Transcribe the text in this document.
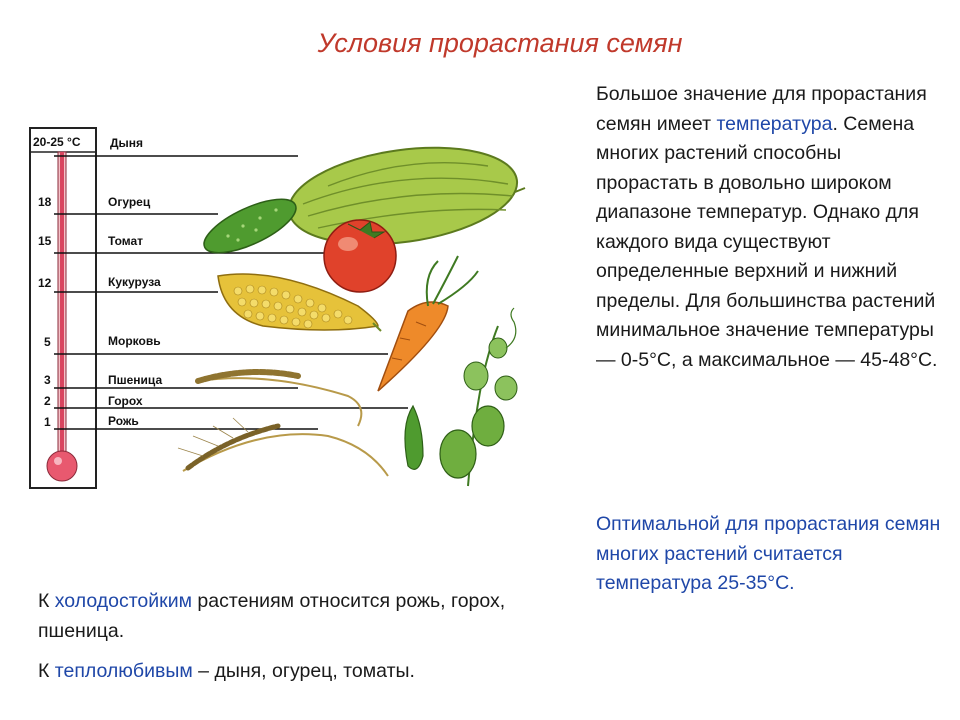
Условия прорастания семян
Большое значение для прорастания семян имеет температура. Семена многих растений способны прорастать в довольно широком диапазоне температур. Однако для каждого вида существуют определенные верхний и нижний пределы. Для большинства растений минимальное значение температуры — 0-5°C, а максимальное — 45-48°C.
Оптимальной для прорастания семян многих растений считается температура 25-35°C.
К холодостойким растениям относится рожь, горох, пшеница.
К теплолюбивым – дыня, огурец, томаты.
20-25 °С
18
15
12
5
3
2
1
Дыня
Огурец
Томат
Кукуруза
Морковь
Пшеница
Горох
Рожь
